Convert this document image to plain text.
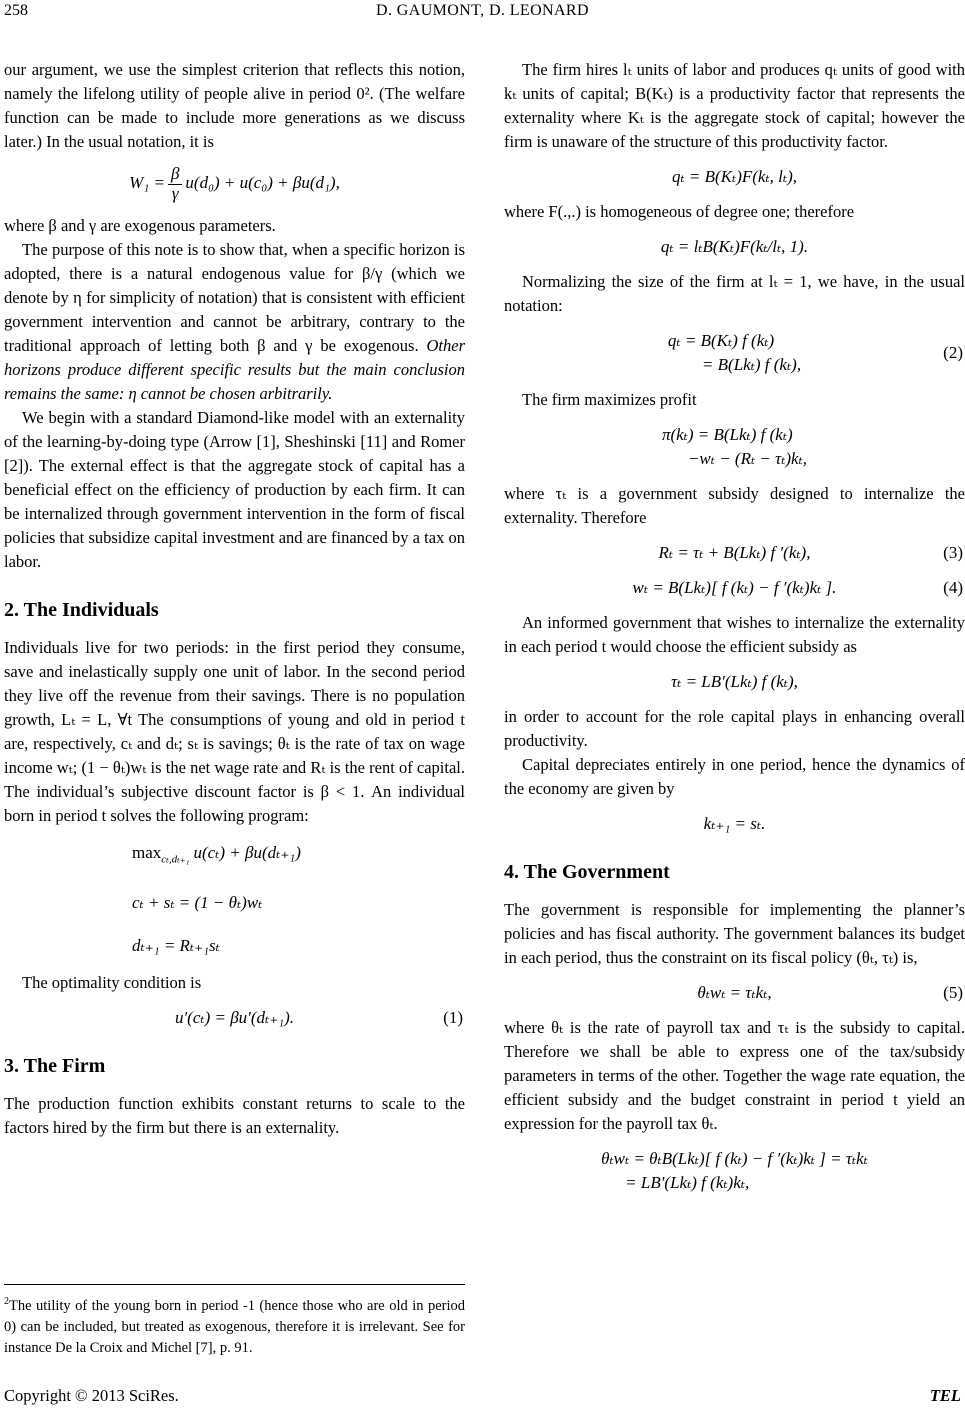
258	D. GAUMONT, D. LEONARD

our argument, we use the simplest criterion that reflects this notion, namely the lifelong utility of people alive in period 0². (The welfare function can be made to include more generations as we discuss later.) In the usual notation, it is

$W_1 = \frac{\beta}{\gamma} u(d_0) + u(c_0) + \beta u(d_1)$,

where β and γ are exogenous parameters.

The purpose of this note is to show that, when a specific horizon is adopted, there is a natural endogenous value for β/γ (which we denote by η for simplicity of notation) that is consistent with efficient government intervention and cannot be arbitrary, contrary to the traditional approach of letting both β and γ be exogenous. Other horizons produce different specific results but the main conclusion remains the same: η cannot be chosen arbitrarily.

We begin with a standard Diamond-like model with an externality of the learning-by-doing type (Arrow [1], Sheshinski [11] and Romer [2]). The external effect is that the aggregate stock of capital has a beneficial effect on the efficiency of production by each firm. It can be internalized through government intervention in the form of fiscal policies that subsidize capital investment and are financed by a tax on labor.

2. The Individuals

Individuals live for two periods: in the first period they consume, save and inelastically supply one unit of labor. In the second period they live off the revenue from their savings. There is no population growth, Lₜ = L, ∀t The consumptions of young and old in period t are, respectively, cₜ and dₜ; sₜ is savings; θₜ is the rate of tax on wage income wₜ; (1 − θₜ)wₜ is the net wage rate and Rₜ is the rent of capital. The individual’s subjective discount factor is β < 1. An individual born in period t solves the following program:

$\max_{c_t,d_{t+1}} u(c_t) + \beta u(d_{t+1})$
cₜ + sₜ = (1 − θₜ)wₜ
dₜ₊₁ = Rₜ₊₁sₜ

The optimality condition is

u′(cₜ) = βu′(dₜ₊₁).	(1)
3. The Firm

The production function exhibits constant returns to scale to the factors hired by the firm but there is an externality.

$^2$The utility of the young born in period -1 (hence those who are old in period 0) can be included, but treated as exogenous, therefore it is irrelevant. See for instance De la Croix and Michel [7], p. 91.

The firm hires lₜ units of labor and produces qₜ units of good with kₜ units of capital; B(Kₜ) is a productivity factor that represents the externality where Kₜ is the aggregate stock of capital; however the firm is unaware of the structure of this productivity factor.

qₜ = B(Kₜ)F(kₜ, lₜ),

where F(.,.) is homogeneous of degree one; therefore

qₜ = lₜB(Kₜ)F(kₜ/lₜ, 1).

Normalizing the size of the firm at lₜ = 1, we have, in the usual notation:

qₜ = B(Kₜ) f (kₜ)
= B(Lkₜ) f (kₜ),
(2)

The firm maximizes profit

π(kₜ) = B(Lkₜ) f (kₜ)
−wₜ − (Rₜ − τₜ)kₜ,

where τₜ is a government subsidy designed to internalize the externality. Therefore

Rₜ = τₜ + B(Lkₜ) f ′(kₜ),	(3)
wₜ = B(Lkₜ)[ f (kₜ) − f ′(kₜ)kₜ ].	(4)

An informed government that wishes to internalize the externality in each period t would choose the efficient subsidy as

τₜ = LB′(Lkₜ) f (kₜ),

in order to account for the role capital plays in enhancing overall productivity.

Capital depreciates entirely in one period, hence the dynamics of the economy are given by

kₜ₊₁ = sₜ.
4. The Government

The government is responsible for implementing the planner’s policies and has fiscal authority. The government balances its budget in each period, thus the constraint on its fiscal policy (θₜ, τₜ) is,

θₜwₜ = τₜkₜ,	(5)

where θₜ is the rate of payroll tax and τₜ is the subsidy to capital. Therefore we shall be able to express one of the tax/subsidy parameters in terms of the other. Together the wage rate equation, the efficient subsidy and the budget constraint in period t yield an expression for the payroll tax θₜ.

θₜwₜ = θₜB(Lkₜ)[ f (kₜ) − f ′(kₜ)kₜ ] = τₜkₜ
= LB′(Lkₜ) f (kₜ)kₜ,
Copyright © 2013 SciRes.	TEL
